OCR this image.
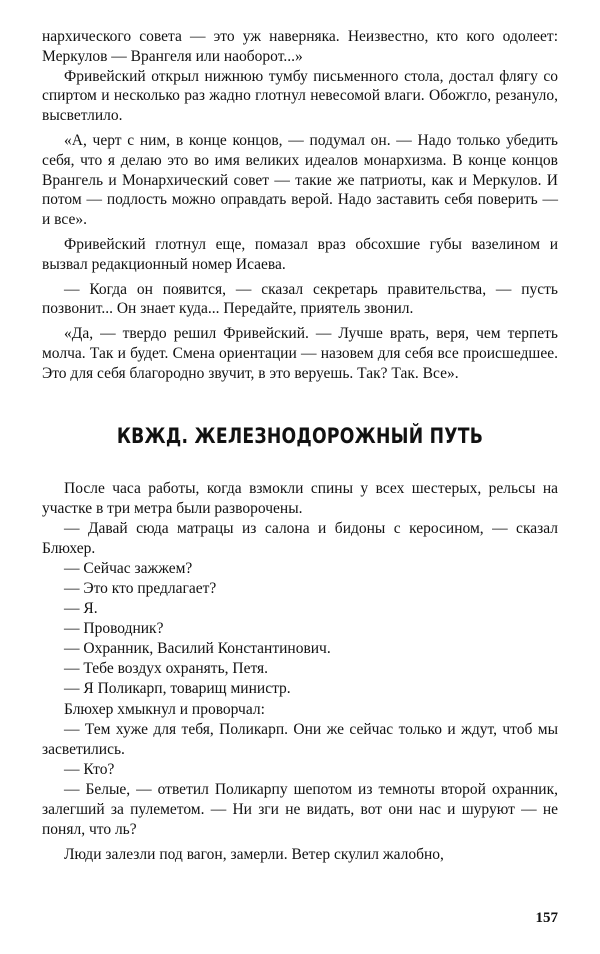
нархического совета — это уж наверняка. Неизвестно, кто кого одолеет: Меркулов — Врангеля или наоборот...»

Фривейский открыл нижнюю тумбу письменного стола, достал флягу со спиртом и несколько раз жадно глотнул невесомой влаги. Обожгло, резануло, высветлило.

«А, черт с ним, в конце концов, — подумал он. — Надо только убедить себя, что я делаю это во имя великих идеалов монархизма. В конце концов Врангель и Монархический совет — такие же патриоты, как и Меркулов. И потом — подлость можно оправдать верой. Надо заставить себя поверить — и все».

Фривейский глотнул еще, помазал враз обсохшие губы вазелином и вызвал редакционный номер Исаева.

— Когда он появится, — сказал секретарь правительства, — пусть позвонит... Он знает куда... Передайте, приятель звонил.

«Да, — твердо решил Фривейский. — Лучше врать, веря, чем терпеть молча. Так и будет. Смена ориентации — назовем для себя все происшедшее. Это для себя благородно звучит, в это веруешь. Так? Так. Все».

КВЖД. ЖЕЛЕЗНОДОРОЖНЫЙ ПУТЬ

После часа работы, когда взмокли спины у всех шестерых, рельсы на участке в три метра были разворочены.

— Давай сюда матрацы из салона и бидоны с керосином, — сказал Блюхер.

— Сейчас зажжем?

— Это кто предлагает?

— Я.

— Проводник?

— Охранник, Василий Константинович.

— Тебе воздух охранять, Петя.

— Я Поликарп, товарищ министр.

Блюхер хмыкнул и проворчал:

— Тем хуже для тебя, Поликарп. Они же сейчас только и ждут, чтоб мы засветились.

— Кто?

— Белые, — ответил Поликарпу шепотом из темноты второй охранник, залегший за пулеметом. — Ни зги не видать, вот они нас и шуруют — не понял, что ль?

Люди залезли под вагон, замерли. Ветер скулил жалобно,

157
